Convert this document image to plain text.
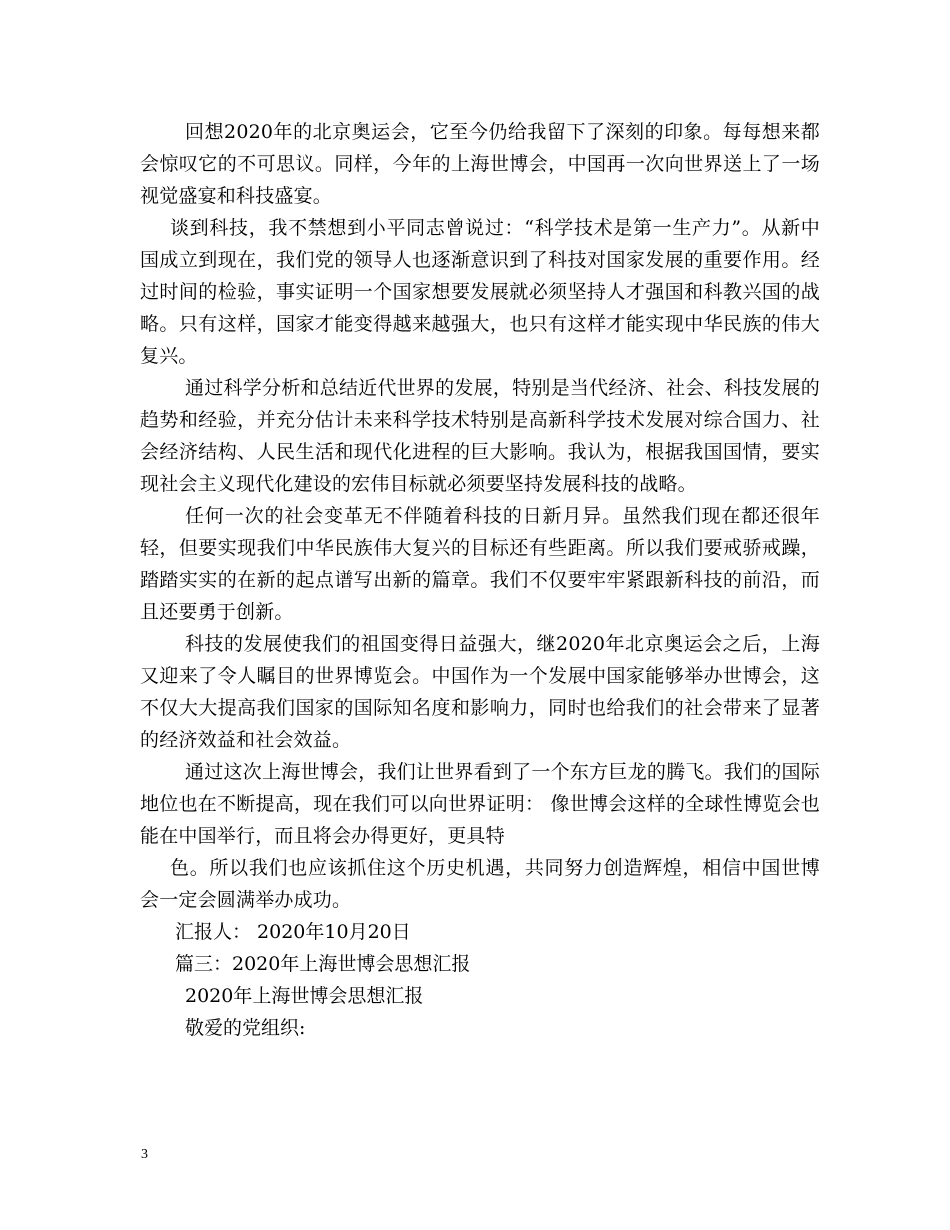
回想2020年的北京奥运会，它至今仍给我留下了深刻的印象。每每想来都会惊叹它的不可思议。同样，今年的上海世博会，中国再一次向世界送上了一场视觉盛宴和科技盛宴。

谈到科技，我不禁想到小平同志曾说过：“科学技术是第一生产力”。从新中国成立到现在，我们党的领导人也逐渐意识到了科技对国家发展的重要作用。经过时间的检验，事实证明一个国家想要发展就必须坚持人才强国和科教兴国的战略。只有这样，国家才能变得越来越强大，也只有这样才能实现中华民族的伟大复兴。

通过科学分析和总结近代世界的发展，特别是当代经济、社会、科技发展的趋势和经验，并充分估计未来科学技术特别是高新科学技术发展对综合国力、社会经济结构、人民生活和现代化进程的巨大影响。我认为，根据我国国情，要实现社会主义现代化建设的宏伟目标就必须要坚持发展科技的战略。

任何一次的社会变革无不伴随着科技的日新月异。虽然我们现在都还很年轻，但要实现我们中华民族伟大复兴的目标还有些距离。所以我们要戒骄戒躁，踏踏实实的在新的起点谱写出新的篇章。我们不仅要牢牢紧跟新科技的前沿，而且还要勇于创新。

科技的发展使我们的祖国变得日益强大，继2020年北京奥运会之后，上海又迎来了令人瞩目的世界博览会。中国作为一个发展中国家能够举办世博会，这不仅大大提高我们国家的国际知名度和影响力，同时也给我们的社会带来了显著的经济效益和社会效益。

通过这次上海世博会，我们让世界看到了一个东方巨龙的腾飞。我们的国际地位也在不断提高，现在我们可以向世界证明： 像世博会这样的全球性博览会也能在中国举行，而且将会办得更好，更具特

色。所以我们也应该抓住这个历史机遇，共同努力创造辉煌，相信中国世博会一定会圆满举办成功。

汇报人： 2020年10月20日

篇三：2020年上海世博会思想汇报

2020年上海世博会思想汇报

敬爱的党组织:

3
